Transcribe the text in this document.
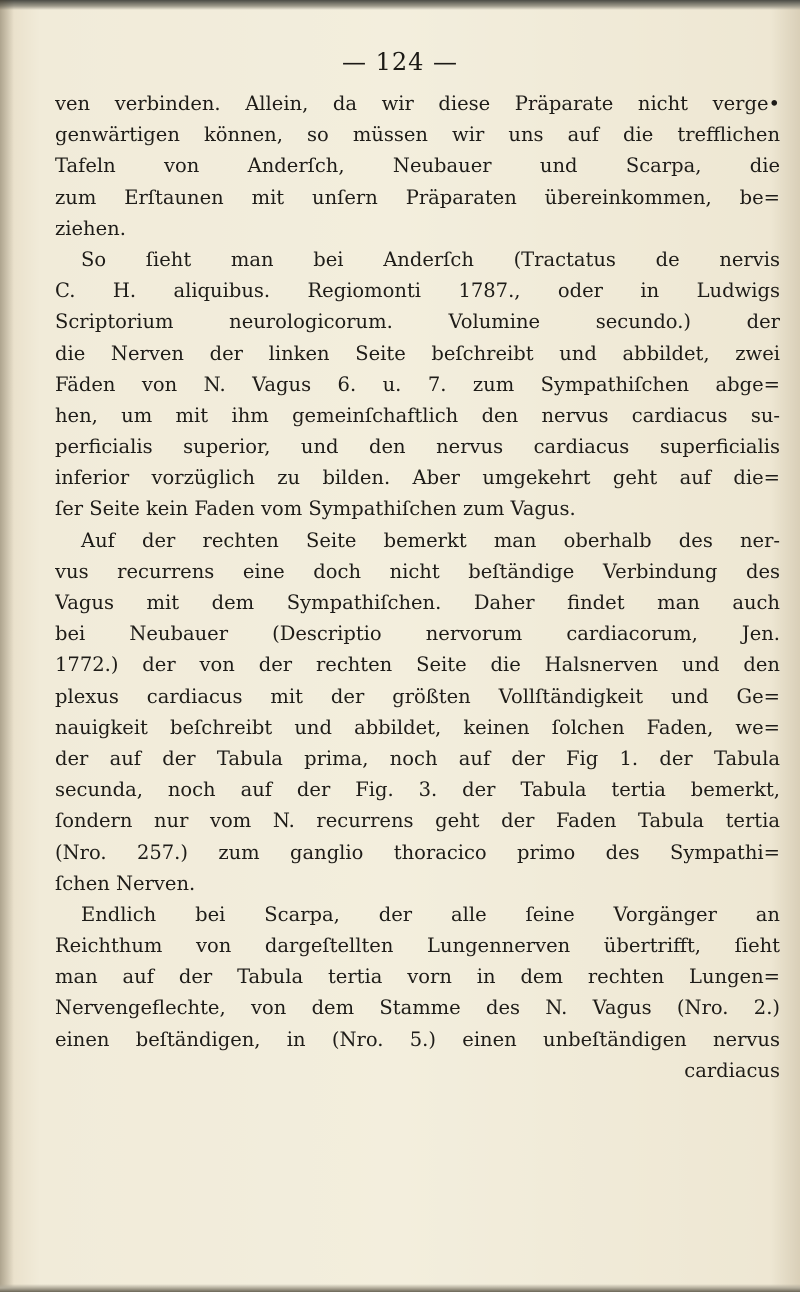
— 124 —
ven verbinden. Allein, da wir diese Präparate nicht verge•
genwärtigen können, so müssen wir uns auf die trefflichen
Tafeln von Anderſch, Neubauer und Scarpa, die
zum Erſtaunen mit unſern Präparaten übereinkommen, be=
ziehen.
So ſieht man bei Anderſch (Tractatus de nervis
C. H. aliquibus. Regiomonti 1787., oder in Ludwigs
Scriptorium neurologicorum. Volumine secundo.) der
die Nerven der linken Seite beſchreibt und abbildet, zwei
Fäden von N. Vagus 6. u. 7. zum Sympathiſchen abge=
hen, um mit ihm gemeinſchaftlich den nervus cardiacus su-
perficialis superior, und den nervus cardiacus superficialis
inferior vorzüglich zu bilden. Aber umgekehrt geht auf die=
ſer Seite kein Faden vom Sympathiſchen zum Vagus.
Auf der rechten Seite bemerkt man oberhalb des ner-
vus recurrens eine doch nicht beſtändige Verbindung des
Vagus mit dem Sympathiſchen. Daher findet man auch
bei Neubauer (Descriptio nervorum cardiacorum, Jen.
1772.) der von der rechten Seite die Halsnerven und den
plexus cardiacus mit der größten Vollſtändigkeit und Ge=
nauigkeit beſchreibt und abbildet, keinen ſolchen Faden, we=
der auf der Tabula prima, noch auf der Fig 1. der Tabula
secunda, noch auf der Fig. 3. der Tabula tertia bemerkt,
ſondern nur vom N. recurrens geht der Faden Tabula tertia
(Nro. 257.) zum ganglio thoracico primo des Sympathi=
ſchen Nerven.
Endlich bei Scarpa, der alle ſeine Vorgänger an
Reichthum von dargeſtellten Lungennerven übertrifft, ſieht
man auf der Tabula tertia vorn in dem rechten Lungen=
Nervengeflechte, von dem Stamme des N. Vagus (Nro. 2.)
einen beſtändigen, in (Nro. 5.) einen unbeſtändigen nervus
cardiacus
